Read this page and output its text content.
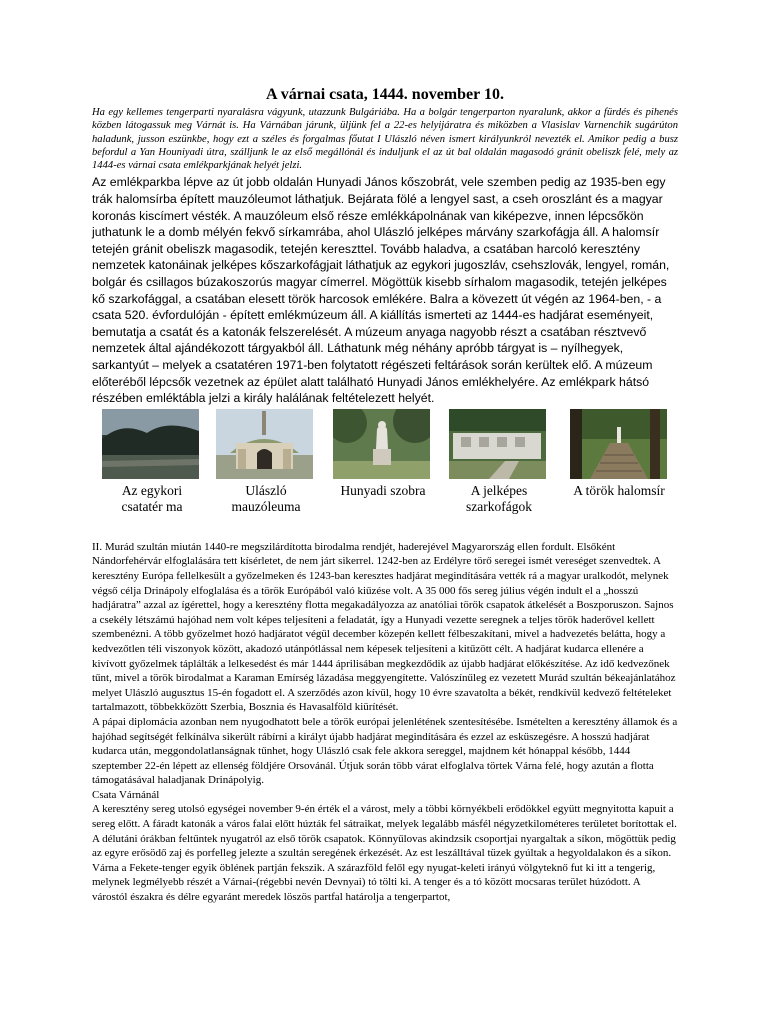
A várnai csata, 1444. november 10.

Ha egy kellemes tengerparti nyaralásra vágyunk, utazzunk Bulgáriába. Ha a bolgár tengerparton nyaralunk, akkor a fürdés és pihenés közben látogassuk meg Várnát is. Ha Várnában járunk, üljünk fel a 22-es helyijáratra és miközben a Vlasislav Varnenchik sugárúton haladunk, jusson eszünkbe, hogy ezt a széles és forgalmas főutat I Ulászló néven ismert királyunkról nevezték el. Amikor pedig a busz befordul a Yan Houniyadi útra, szálljunk le az első megállónál és induljunk el az út bal oldalán magasodó gránit obeliszk felé, mely az 1444-es várnai csata emlékparkjának helyét jelzi.

Az emlékparkba lépve az út jobb oldalán Hunyadi János kőszobrát, vele szemben pedig az 1935-ben egy trák halomsírba épített mauzóleumot láthatjuk. Bejárata fölé a lengyel sast, a cseh oroszlánt és a magyar koronás kiscímert vésték. A mauzóleum első része emlékkápolnának van kiképezve, innen lépcsőkön juthatunk le a domb mélyén fekvő sírkamrába, ahol Ulászló jelképes márvány szarkofágja áll. A halomsír tetején gránit obeliszk magasodik, tetején kereszttel. Tovább haladva, a csatában harcoló keresztény nemzetek katonáinak jelképes kőszarkofágjait láthatjuk az egykori jugoszláv, csehszlovák, lengyel, román, bolgár és csillagos búzakoszorús magyar címerrel. Mögöttük kisebb sírhalom magasodik, tetején jelképes kő szarkofággal, a csatában elesett török harcosok emlékére. Balra a kövezett út végén az 1964-ben, - a csata 520. évfordulóján - épített emlékmúzeum áll. A kiállítás ismerteti az 1444-es hadjárat eseményeit, bemutatja a csatát és a katonák felszerelését. A múzeum anyaga nagyobb részt a csatában résztvevő nemzetek által ajándékozott tárgyakból áll. Láthatunk még néhány apróbb tárgyat is – nyílhegyek, sarkantyút – melyek a csatatéren 1971-ben folytatott régészeti feltárások során kerültek elő. A múzeum előteréből lépcsők vezetnek az épület alatt található Hunyadi János emlékhelyére. Az emlékpark hátsó részében emléktábla jelzi a király halálának feltételezett helyét.

Az egykori csatatér ma
Ulászló mauzóleuma
Hunyadi szobra	A jelképes szarkofágok
A török halomsír

II. Murád szultán miután 1440-re megszilárdította birodalma rendjét, haderejével Magyarország ellen fordult. Elsőként Nándorfehérvár elfoglalására tett kísérletet, de nem járt sikerrel. 1242-ben az Erdélyre törő seregei ismét vereséget szenvedtek. A keresztény Európa fellelkesült a győzelmeken és 1243-ban keresztes hadjárat megindítására vették rá a magyar uralkodót, melynek végső célja Drinápoly elfoglalása és a török Európából való kiűzése volt. A 35 000 fős sereg július végén indult el a „hosszú hadjáratra” azzal az ígérettel, hogy a keresztény flotta megakadályozza az anatóliai török csapatok átkelését a Boszporuszon. Sajnos a csekély létszámú hajóhad nem volt képes teljesíteni a feladatát, így a Hunyadi vezette seregnek a teljes török haderővel kellett szembenézni. A több győzelmet hozó hadjáratot végül december közepén kellett félbeszakítani, mivel a hadvezetés belátta, hogy a kedvezőtlen téli viszonyok között, akadozó utánpótlással nem képesek teljesíteni a kitűzött célt. A hadjárat kudarca ellenére a kivívott győzelmek táplálták a lelkesedést és már 1444 áprilisában megkezdődik az újabb hadjárat előkészítése. Az idő kedvezőnek tűnt, mivel a török birodalmat a Karaman Emírség lázadása meggyengítette. Valószínűleg ez vezetett Murád szultán békeajánlatához melyet Ulászló augusztus 15-én fogadott el. A szerződés azon kívül, hogy 10 évre szavatolta a békét, rendkívül kedvező feltételeket tartalmazott, többekközött Szerbia, Bosznia és Havasalföld kiürítését.

A pápai diplomácia azonban nem nyugodhatott bele a török európai jelenlétének szentesítésébe. Ismételten a keresztény államok és a hajóhad segítségét felkínálva sikerült rábírni a királyt újabb hadjárat megindítására és ezzel az esküszegésre. A hosszú hadjárat kudarca után, meggondolatlanságnak tűnhet, hogy Ulászló csak fele akkora sereggel, majdnem két hónappal később, 1444 szeptember 22-én lépett az ellenség földjére Orsovánál. Útjuk során több várat elfoglalva törtek Várna felé, hogy azután a flotta támogatásával haladjanak Drinápolyig.

Csata Várnánál

A keresztény sereg utolsó egységei november 9-én érték el a várost, mely a többi környékbeli erődökkel együtt megnyitotta kapuit a sereg előtt. A fáradt katonák a város falai előtt húzták fel sátraikat, melyek legalább másfél négyzetkilométeres területet borítottak el. A délutáni órákban feltűntek nyugatról az első török csapatok. Könnyűlovas akindzsik csoportjai nyargaltak a síkon, mögöttük pedig az egyre erősödő zaj és porfelleg jelezte a szultán seregének érkezését. Az est leszálltával tüzek gyúltak a hegyoldalakon és a síkon.

Várna a Fekete-tenger egyik öblének partján fekszik. A szárazföld felől egy nyugat-keleti irányú völgyteknő fut ki itt a tengerig, melynek legmélyebb részét a Várnai-(régebbi nevén Devnyai) tó tölti ki. A tenger és a tó között mocsaras terület húzódott. A várostól északra és délre egyaránt meredek löszös partfal határolja a tengerpartot,
